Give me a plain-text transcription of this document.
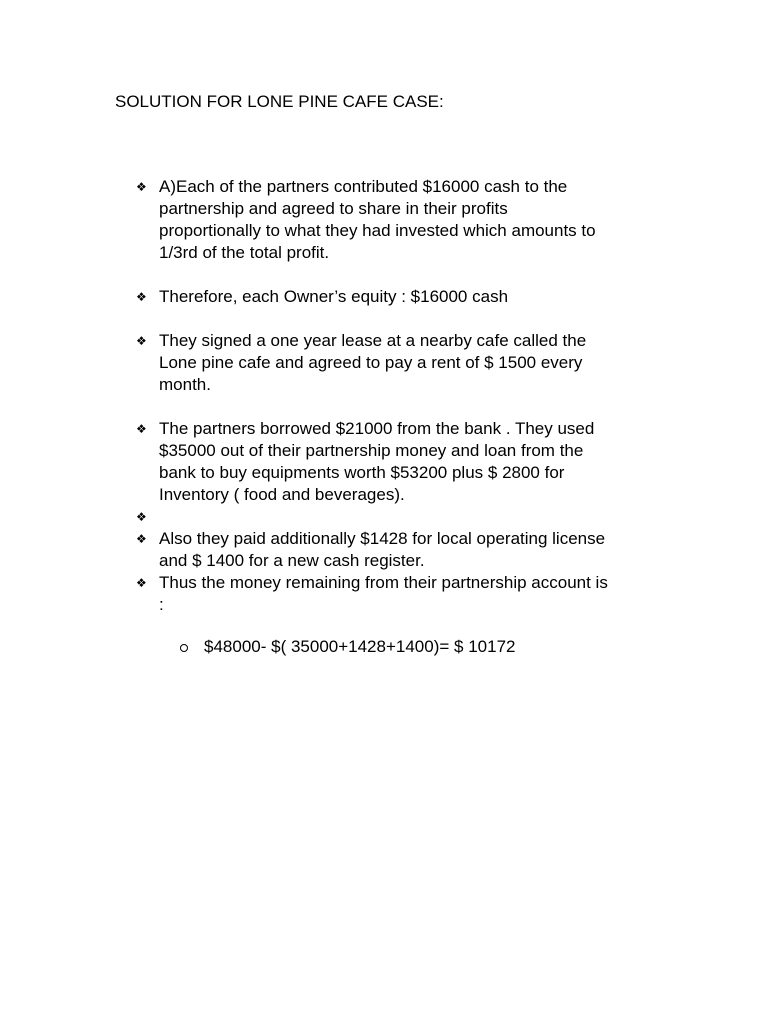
SOLUTION FOR LONE PINE CAFE CASE:
❖ A)Each of the partners contributed $16000 cash to the
partnership and agreed to share in their profits
proportionally to what they had invested which amounts to
1/3rd of the total profit.
❖ Therefore, each Owner’s equity : $16000 cash
❖ They signed a one year lease at a nearby cafe called the
Lone pine cafe and agreed to pay a rent of $ 1500 every
month.
❖ The partners borrowed $21000 from the bank . They used
$35000 out of their partnership money and loan from the
bank to buy equipments worth $53200 plus $ 2800 for
Inventory ( food and beverages).
❖
❖ Also they paid additionally $1428 for local operating license
and $ 1400 for a new cash register.
❖ Thus the money remaining from their partnership account is
:
$48000- $( 35000+1428+1400)= $ 10172
